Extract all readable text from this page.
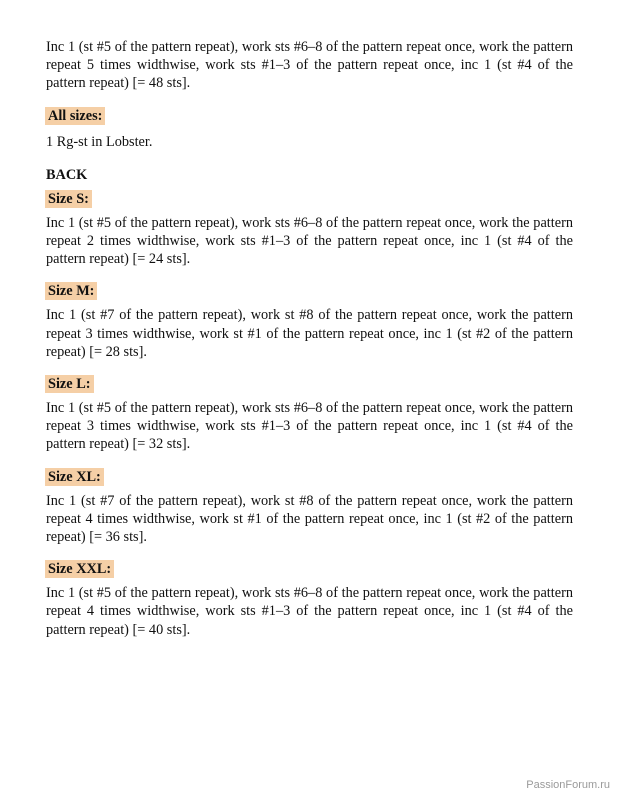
Inc 1 (st #5 of the pattern repeat), work sts #6–8 of the pattern repeat once, work the pattern repeat 5 times widthwise, work sts #1–3 of the pattern repeat once, inc 1 (st #4 of the pattern repeat) [= 48 sts].

All sizes:

1 Rg-st in Lobster.

BACK

Size S:

Inc 1 (st #5 of the pattern repeat), work sts #6–8 of the pattern repeat once, work the pattern repeat 2 times widthwise, work sts #1–3 of the pattern repeat once, inc 1 (st #4 of the pattern repeat) [= 24 sts].

Size M:

Inc 1 (st #7 of the pattern repeat), work st #8 of the pattern repeat once, work the pattern repeat 3 times widthwise, work st #1 of the pattern repeat once, inc 1 (st #2 of the pattern repeat) [= 28 sts].

Size L:

Inc 1 (st #5 of the pattern repeat), work sts #6–8 of the pattern repeat once, work the pattern repeat 3 times widthwise, work sts #1–3 of the pattern repeat once, inc 1 (st #4 of the pattern repeat) [= 32 sts].

Size XL:

Inc 1 (st #7 of the pattern repeat), work st #8 of the pattern repeat once, work the pattern repeat 4 times widthwise, work st #1 of the pattern repeat once, inc 1 (st #2 of the pattern repeat) [= 36 sts].

Size XXL:

Inc 1 (st #5 of the pattern repeat), work sts #6–8 of the pattern repeat once, work the pattern repeat 4 times widthwise, work sts #1–3 of the pattern repeat once, inc 1 (st #4 of the pattern repeat) [= 40 sts].

PassionForum.ru
